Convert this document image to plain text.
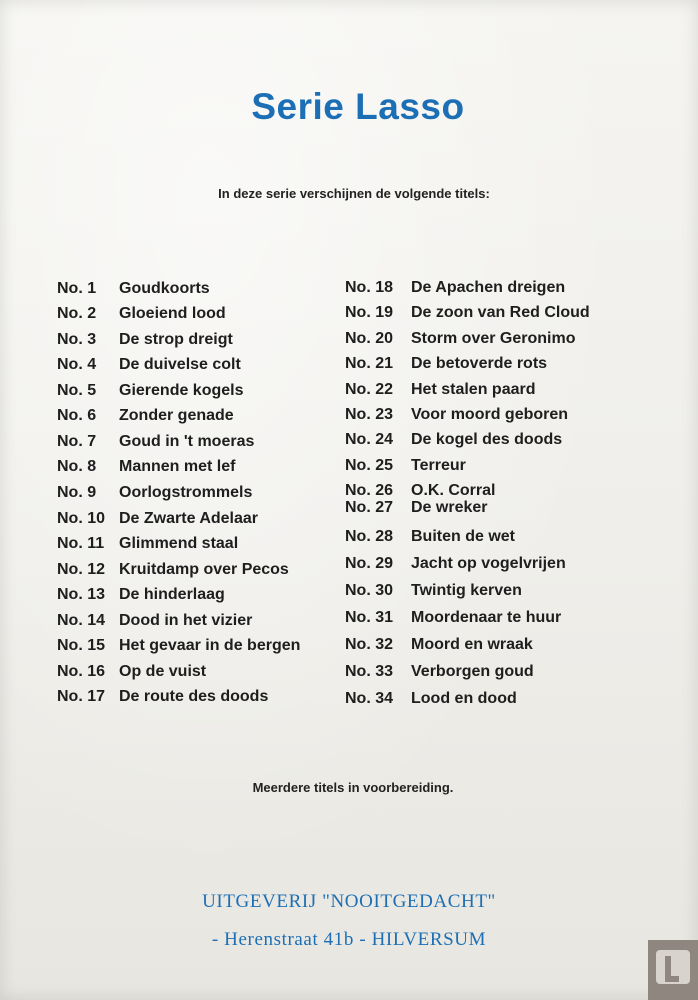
Serie Lasso

In deze serie verschijnen de volgende titels:

No. 1 Goudkoorts
No. 2 Gloeiend lood
No. 3 De strop dreigt
No. 4 De duivelse colt
No. 5 Gierende kogels
No. 6 Zonder genade
No. 7 Goud in 't moeras
No. 8 Mannen met lef
No. 9 Oorlogstrommels
No. 10 De Zwarte Adelaar
No. 11 Glimmend staal
No. 12 Kruitdamp over Pecos
No. 13 De hinderlaag
No. 14 Dood in het vizier
No. 15 Het gevaar in de bergen
No. 16 Op de vuist
No. 17 De route des doods
No. 18 De Apachen dreigen
No. 19 De zoon van Red Cloud
No. 20 Storm over Geronimo
No. 21 De betoverde rots
No. 22 Het stalen paard
No. 23 Voor moord geboren
No. 24 De kogel des doods
No. 25 Terreur
No. 26 O.K. Corral
No. 27 De wreker
No. 28 Buiten de wet
No. 29 Jacht op vogelvrijen
No. 30 Twintig kerven
No. 31 Moordenaar te huur
No. 32 Moord en wraak
No. 33 Verborgen goud
No. 34 Lood en dood

Meerdere titels in voorbereiding.

UITGEVERIJ "NOOITGEDACHT"

- Herenstraat 41b - HILVERSUM
